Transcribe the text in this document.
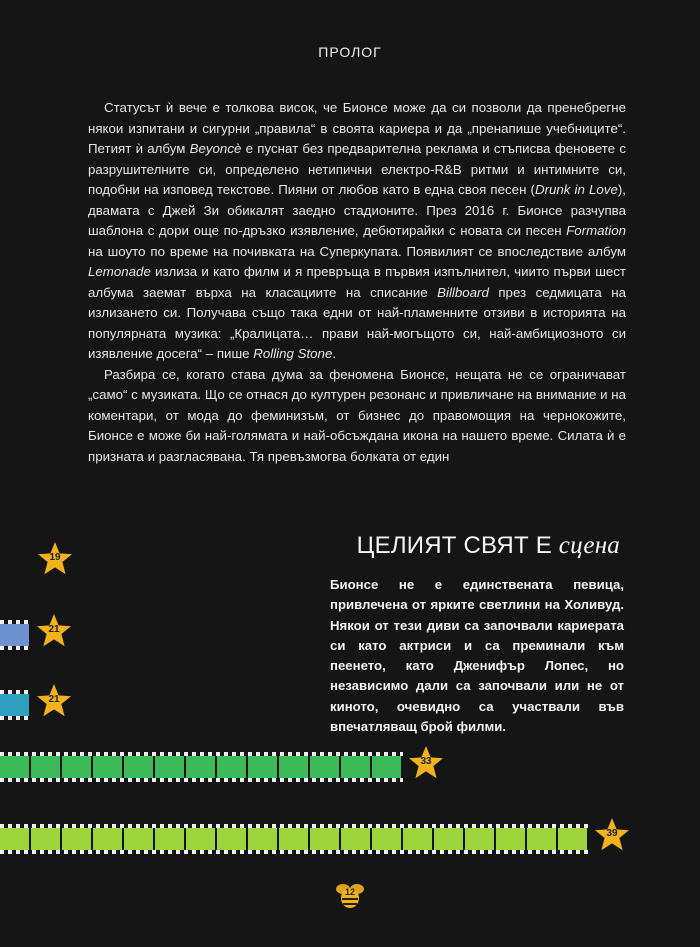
ПРОЛОГ

Статусът ѝ вече е толкова висок, че Бионсе може да си позволи да пренебрегне някои изпитани и сигурни „правила“ в своята кариера и да „пренапише учебниците“. Петият ѝ албум Beyoncè е пуснат без предварителна реклама и стъписва феновете с разрушителните си, определено нетипични електро-R&B ритми и интимните си, подобни на изповед текстове. Пияни от любов като в една своя песен (Drunk in Love), двамата с Джей Зи обикалят заедно стадионите. През 2016 г. Бионсе разчупва шаблона с дори още по-дръзко изявление, дебютирайки с новата си песен Formation на шоуто по време на почивката на Суперкупата. Появилият се впоследствие албум Lemonade излиза и като филм и я превръща в първия изпълнител, чиито първи шест албума заемат върха на класациите на списание Billboard през седмицата на излизането си. Получава също така едни от най-пламенните отзиви в историята на популярната музика: „Кралицата… прави най-могъщото си, най-амбициозното си изявление досега“ – пише Rolling Stone.

Разбира се, когато става дума за феномена Бионсе, нещата не се ограничават „само“ с музиката. Що се отнася до културен резонанс и привличане на внимание и на коментари, от мода до феминизъм, от бизнес до правомощия на чернокожите, Бионсе е може би най-голямата и най-обсъждана икона на нашето време. Силата ѝ е призната и разгласявана. Тя превъзмогва болката от един

ЦЕЛИЯТ СВЯТ Е сцена
Бионсе не е единствената певица, привлечена от ярките светлини на Холивуд. Някои от тези диви са започвали кариерата си като актриси и са преминали към пеенето, като Дженифър Лопес, но независимо дали са започвали или не от киното, очевидно са участвали във впечатляващ брой филми.
19
21
21
33
39
12
